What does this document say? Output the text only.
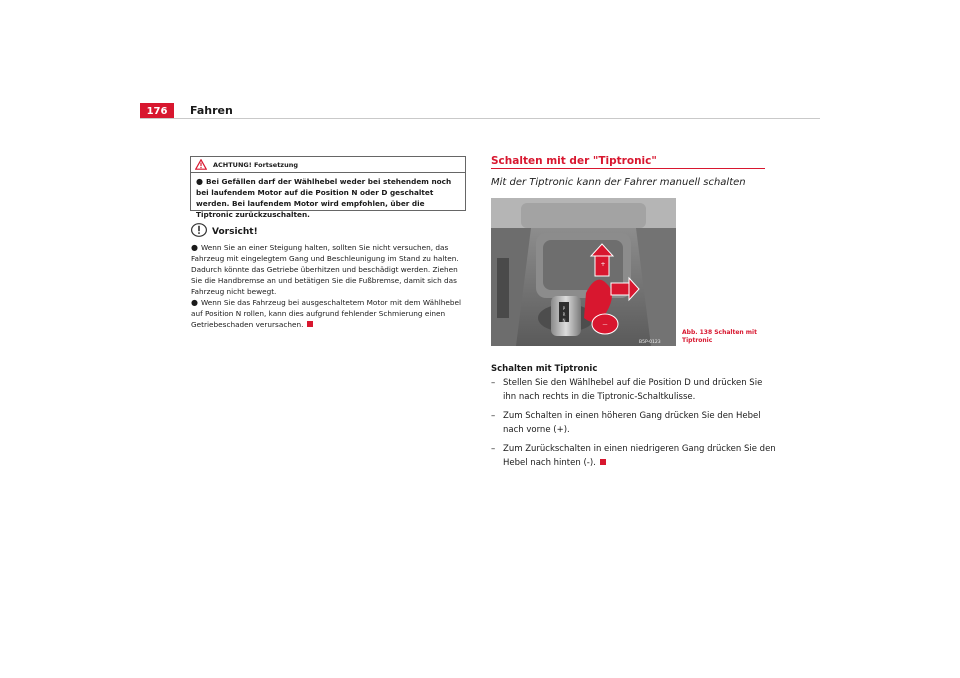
176	Fahren
ACHTUNG! Fortsetzung
● Bei Gefällen darf der Wählhebel weder bei stehendem noch bei laufendem Motor auf die Position N oder D geschaltet werden. Bei laufendem Motor wird empfohlen, über die Tiptronic zurückzuschalten.
Vorsicht!

● Wenn Sie an einer Steigung halten, sollten Sie nicht versuchen, das Fahrzeug mit eingelegtem Gang und Beschleunigung im Stand zu halten. Dadurch könnte das Getriebe überhitzen und beschädigt werden. Ziehen Sie die Handbremse an und betätigen Sie die Fußbremse, damit sich das Fahrzeug nicht bewegt.

● Wenn Sie das Fahrzeug bei ausgeschaltetem Motor mit dem Wählhebel auf Position N rollen, kann dies aufgrund fehlender Schmierung einen Getriebeschaden verursachen.

Schalten mit der "Tiptronic"
Mit der Tiptronic kann der Fahrer manuell schalten
—
+
P
R
N
B5P-0123
Abb. 138 Schalten mit Tiptronic
Schalten mit Tiptronic
– Stellen Sie den Wählhebel auf die Position D und drücken Sie ihn nach rechts in die Tiptronic-Schaltkulisse.
– Zum Schalten in einen höheren Gang drücken Sie den Hebel nach vorne (+).
– Zum Zurückschalten in einen niedrigeren Gang drücken Sie den Hebel nach hinten (-).
